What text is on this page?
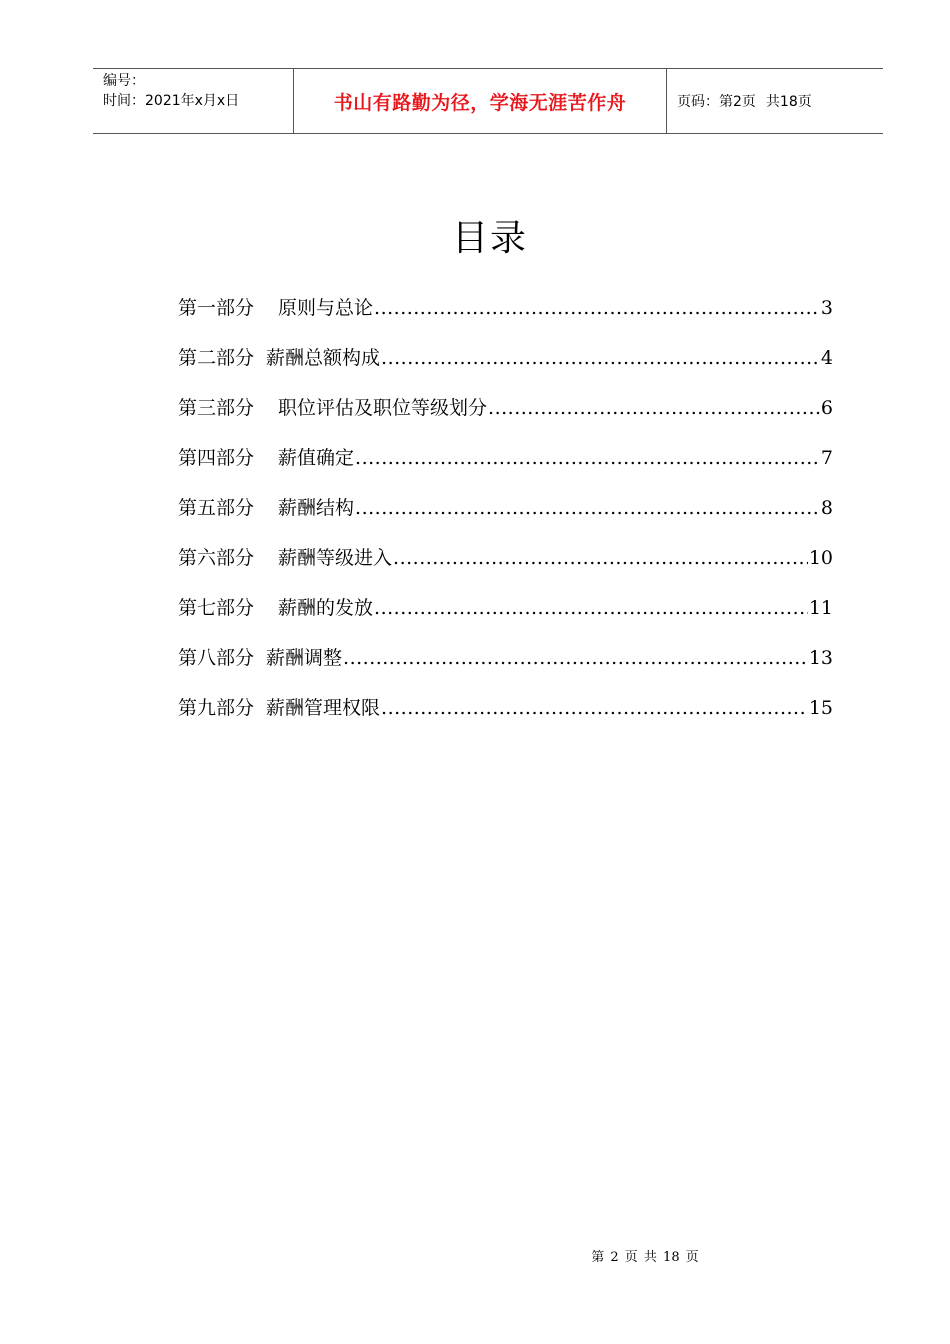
编号：
时间：2021年x月x日	书山有路勤为径，学海无涯苦作舟	页码：第2页 共18页
目录
第一部分 原则与总论 .....	3
第二部分 薪酬总额构成 .....	4
第三部分 职位评估及职位等级划分 .....	6
第四部分 薪值确定 .....	7
第五部分 薪酬结构 .....	8
第六部分 薪酬等级进入 .....	10
第七部分 薪酬的发放 .....	11
第八部分 薪酬调整 .....	13
第九部分 薪酬管理权限 .....	15
第 2 页 共 18 页
